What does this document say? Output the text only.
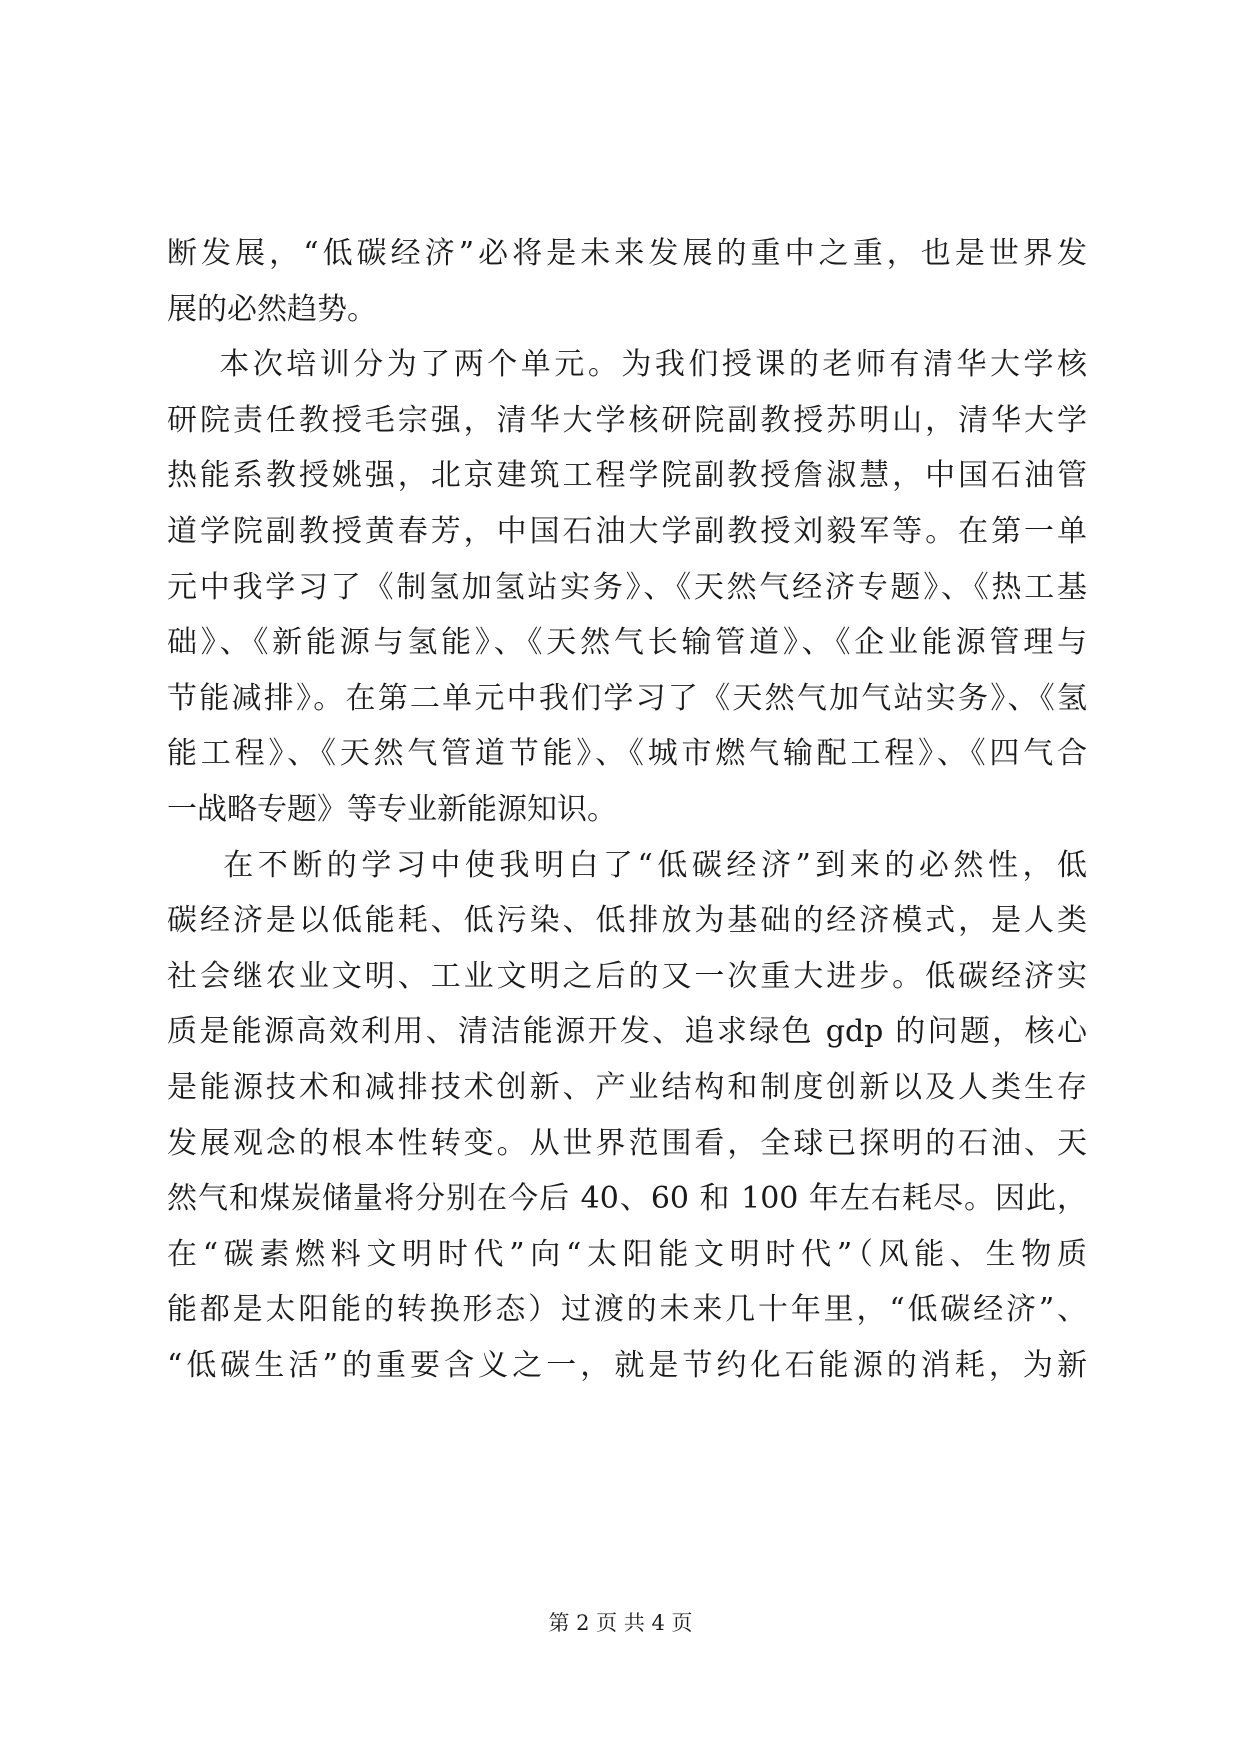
断发展，“低碳经济”必将是未来发展的重中之重，也是世界发
展的必然趋势。
本次培训分为了两个单元。为我们授课的老师有清华大学核
研院责任教授毛宗强，清华大学核研院副教授苏明山，清华大学
热能系教授姚强，北京建筑工程学院副教授詹淑慧，中国石油管
道学院副教授黄春芳，中国石油大学副教授刘毅军等。在第一单
元中我学习了《制氢加氢站实务》、《天然气经济专题》、《热工基
础》、《新能源与氢能》、《天然气长输管道》、《企业能源管理与
节能减排》。在第二单元中我们学习了《天然气加气站实务》、《氢
能工程》、《天然气管道节能》、《城市燃气输配工程》、《四气合
一战略专题》等专业新能源知识。
在不断的学习中使我明白了“低碳经济”到来的必然性，低
碳经济是以低能耗、低污染、低排放为基础的经济模式，是人类
社会继农业文明、工业文明之后的又一次重大进步。低碳经济实
质是能源高效利用、清洁能源开发、追求绿色 gdp 的问题，核心
是能源技术和减排技术创新、产业结构和制度创新以及人类生存
发展观念的根本性转变。从世界范围看，全球已探明的石油、天
然气和煤炭储量将分别在今后 40、60 和 100 年左右耗尽。因此，
在“碳素燃料文明时代”向“太阳能文明时代”（风能、生物质
能都是太阳能的转换形态）过渡的未来几十年里，“低碳经济”、
“低碳生活”的重要含义之一，就是节约化石能源的消耗，为新
第 2 页 共 4 页
